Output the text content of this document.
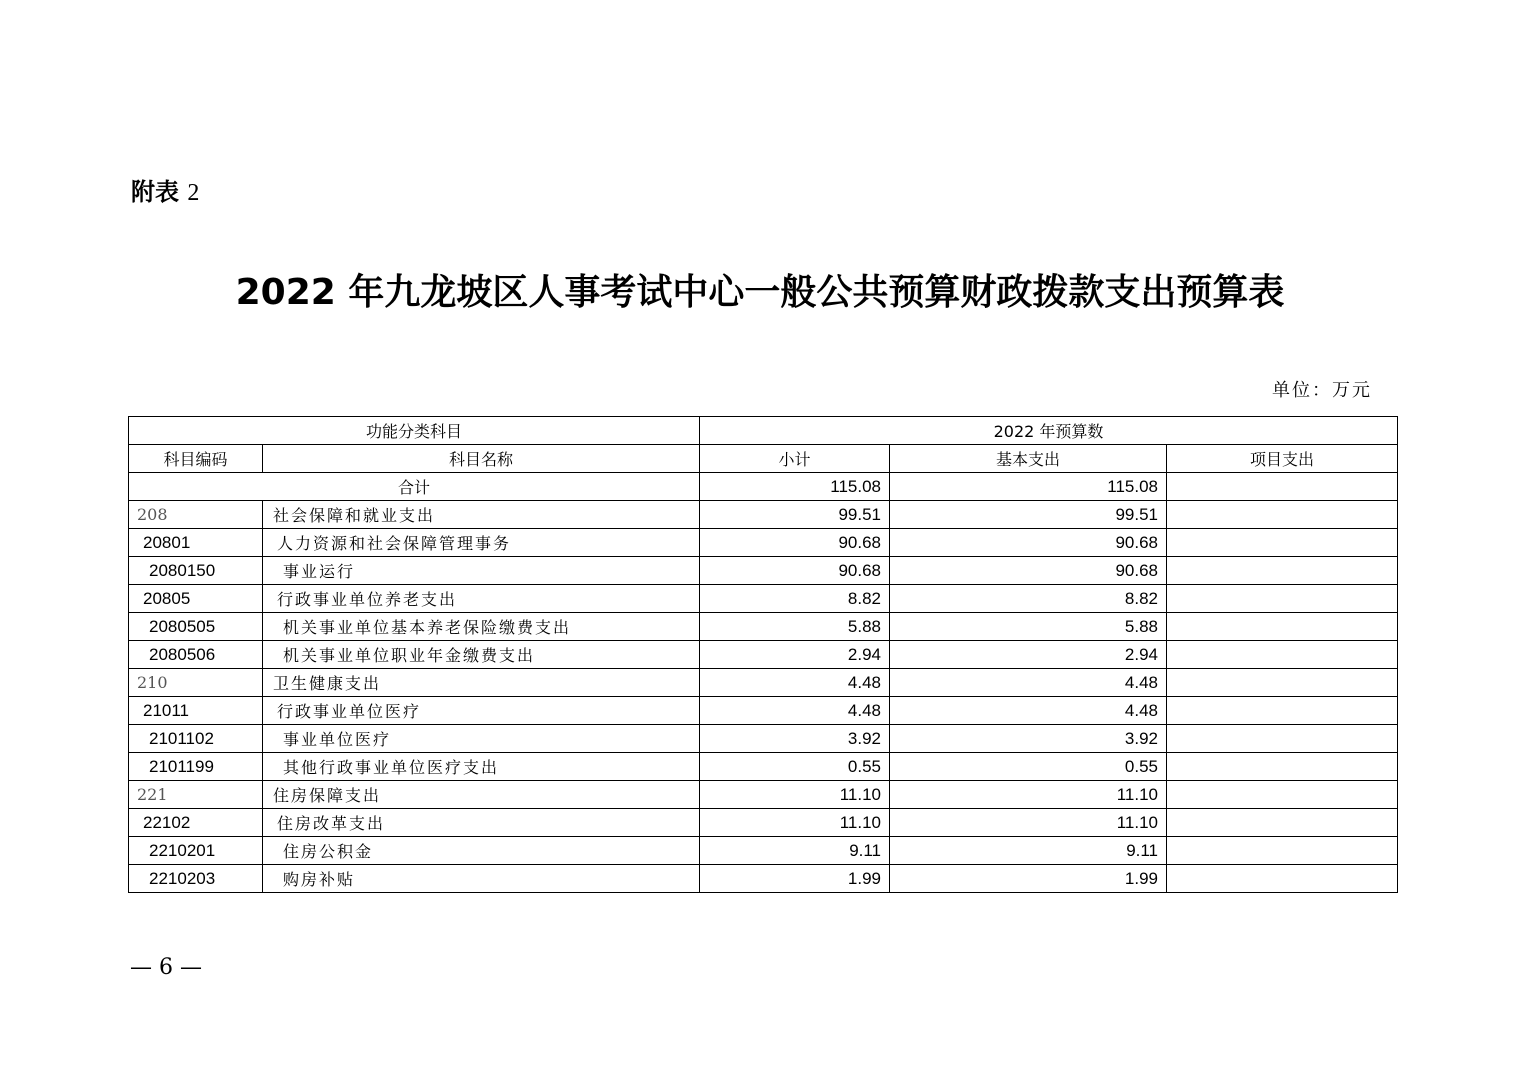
附表 2
2022 年九龙坡区人事考试中心一般公共预算财政拨款支出预算表
单位：万元
功能分类科目		2022 年预算数		
科目编码	科目名称	小计	基本支出	项目支出
合计		115.08	115.08	
208	社会保障和就业支出	99.51	99.51	
20801	人力资源和社会保障管理事务	90.68	90.68	
2080150	事业运行	90.68	90.68	
20805	行政事业单位养老支出	8.82	8.82	
2080505	机关事业单位基本养老保险缴费支出	5.88	5.88	
2080506	机关事业单位职业年金缴费支出	2.94	2.94	
210	卫生健康支出	4.48	4.48	
21011	行政事业单位医疗	4.48	4.48	
2101102	事业单位医疗	3.92	3.92	
2101199	其他行政事业单位医疗支出	0.55	0.55	
221	住房保障支出	11.10	11.10	
22102	住房改革支出	11.10	11.10	
2210201	住房公积金	9.11	9.11	
2210203	购房补贴	1.99	1.99	
— 6 —
